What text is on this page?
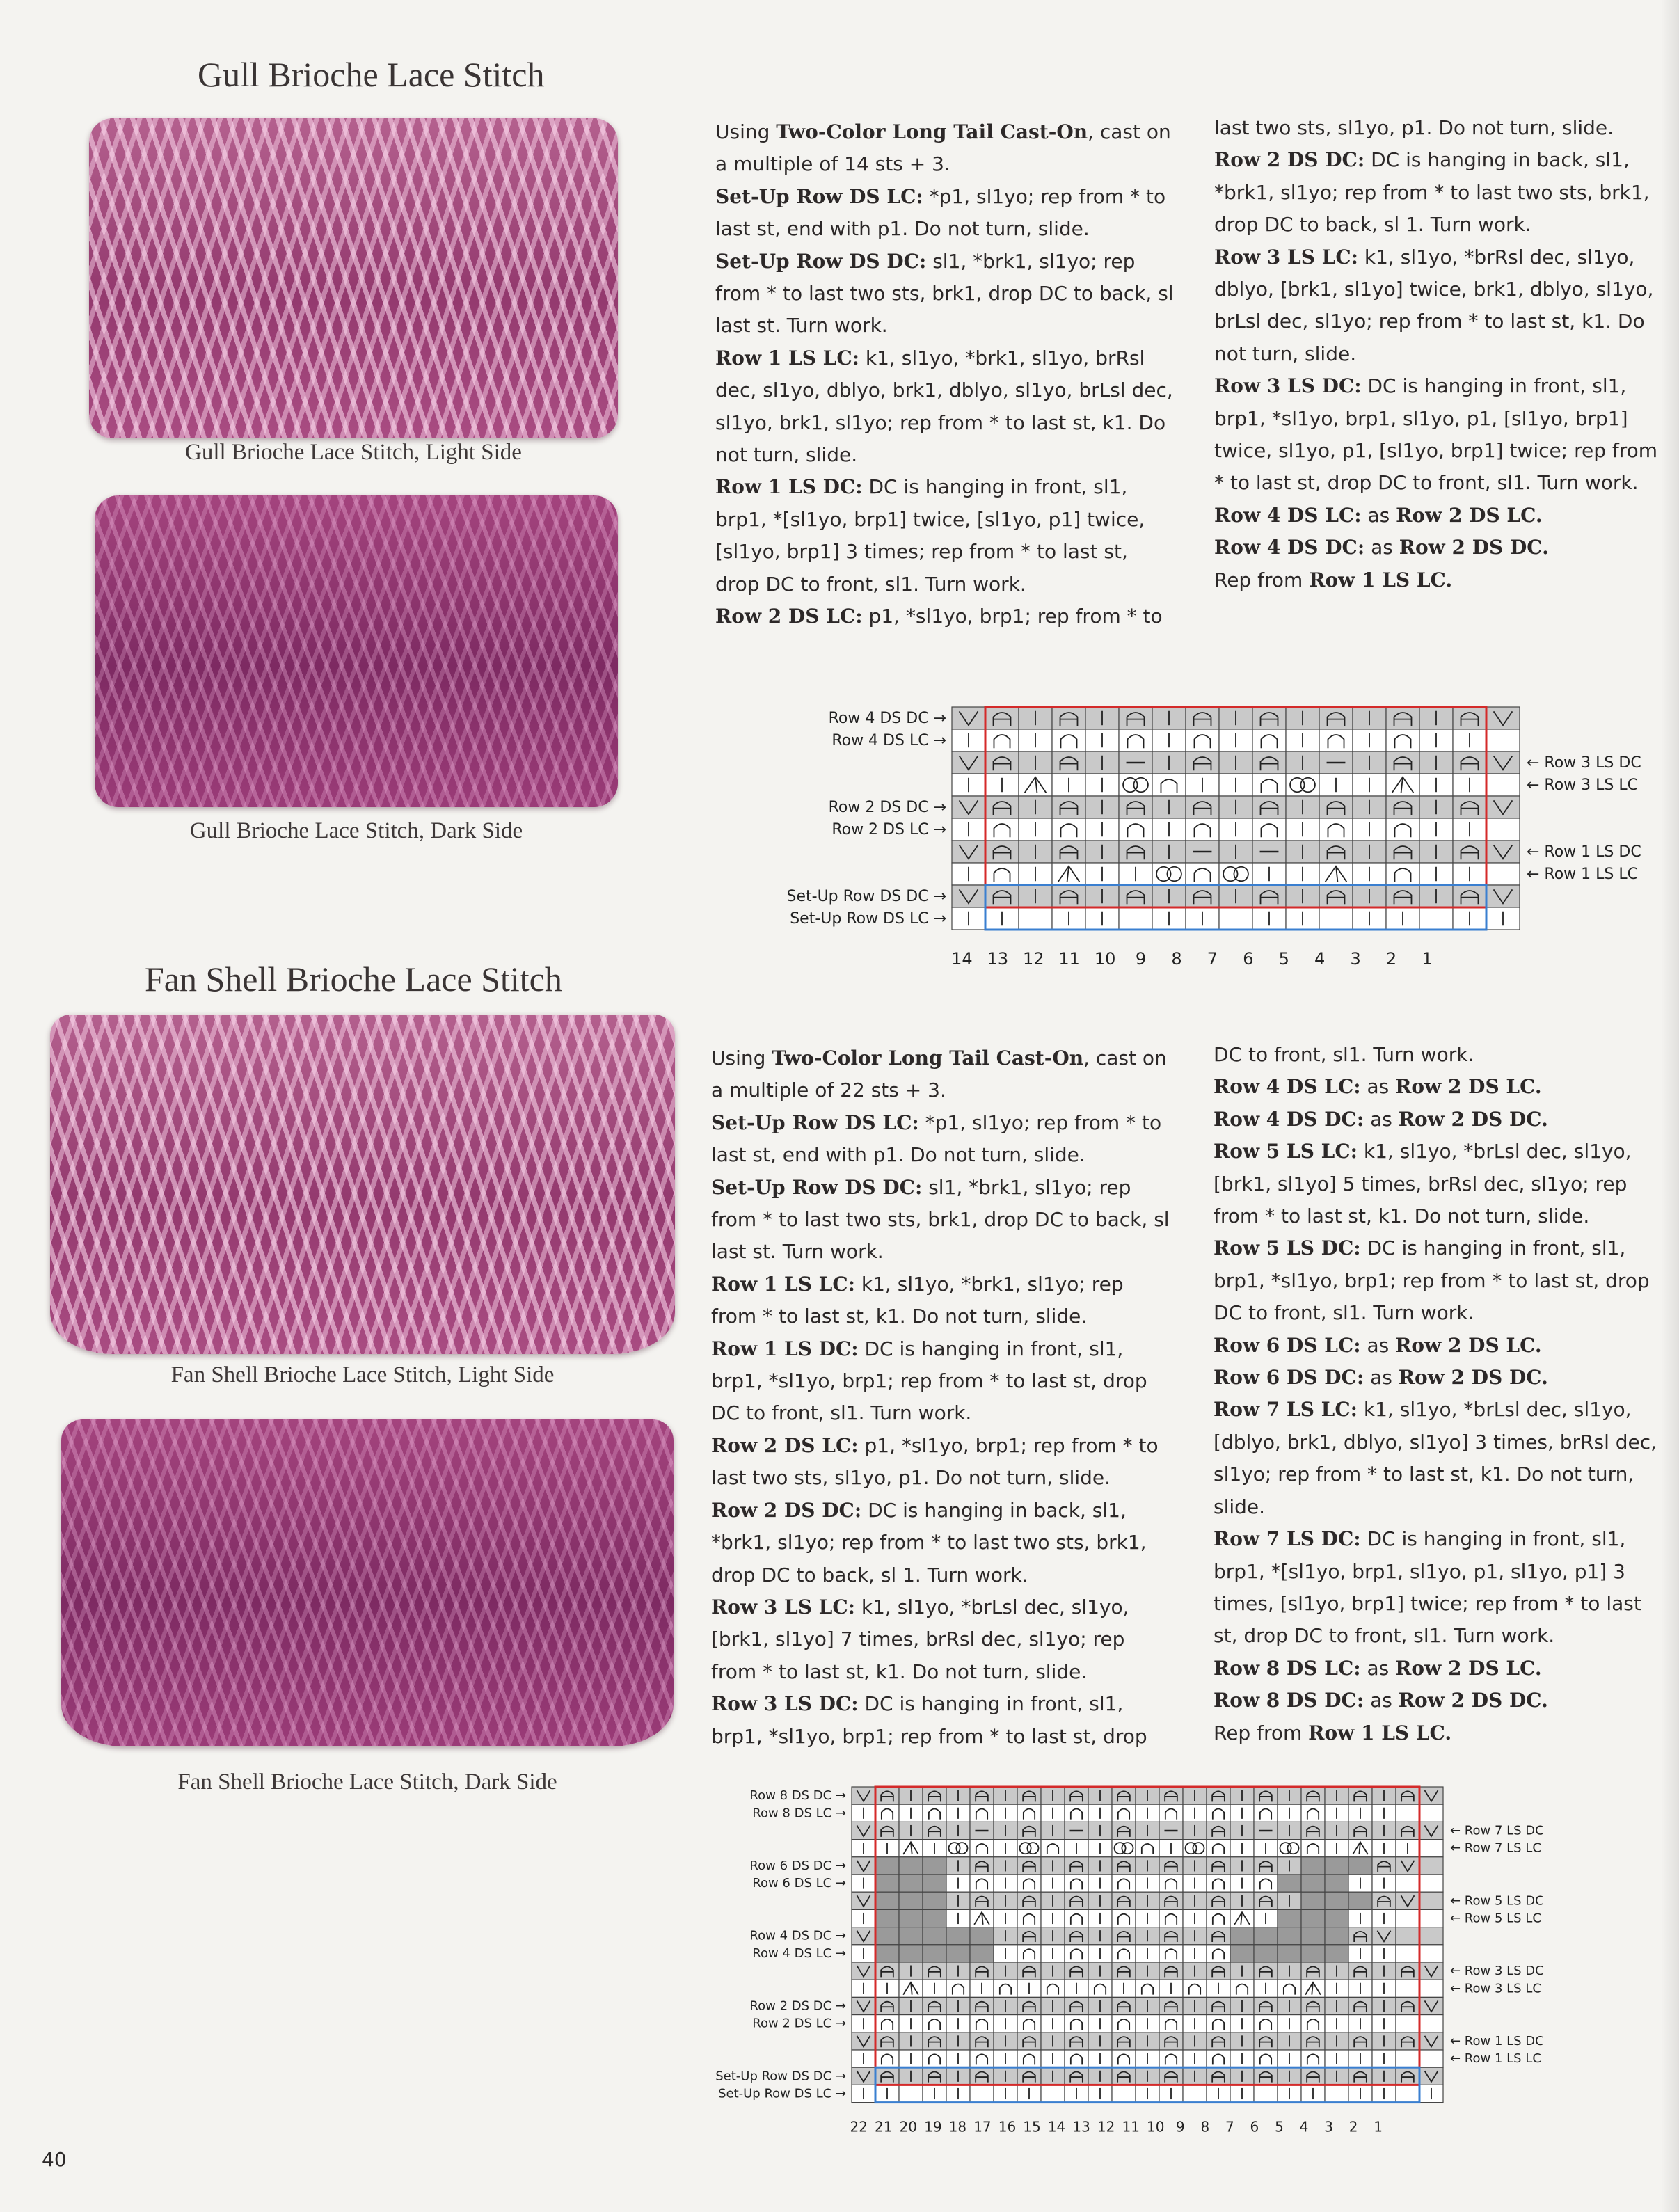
Gull Brioche Lace Stitch
Gull Brioche Lace Stitch, Light Side
Gull Brioche Lace Stitch, Dark Side

Using Two-Color Long Tail Cast-On, cast on a multiple of 14 sts + 3.

Set-Up Row DS LC: *p1, sl1yo; rep from * to last st, end with p1. Do not turn, slide.

Set-Up Row DS DC: sl1, *brk1, sl1yo; rep from * to last two sts, brk1, drop DC to back, sl last st. Turn work.

Row 1 LS LC: k1, sl1yo, *brk1, sl1yo, brRsl dec, sl1yo, dblyo, brk1, dblyo, sl1yo, brLsl dec, sl1yo, brk1, sl1yo; rep from * to last st, k1. Do not turn, slide.

Row 1 LS DC: DC is hanging in front, sl1, brp1, *[sl1yo, brp1] twice, [sl1yo, p1] twice, [sl1yo, brp1] 3 times; rep from * to last st, drop DC to front, sl1. Turn work.

Row 2 DS LC: p1, *sl1yo, brp1; rep from * to

last two sts, sl1yo, p1. Do not turn, slide.

Row 2 DS DC: DC is hanging in back, sl1, *brk1, sl1yo; rep from * to last two sts, brk1, drop DC to back, sl 1. Turn work.

Row 3 LS LC: k1, sl1yo, *brRsl dec, sl1yo, dblyo, [brk1, sl1yo] twice, brk1, dblyo, sl1yo, brLsl dec, sl1yo; rep from * to last st, k1. Do not turn, slide.

Row 3 LS DC: DC is hanging in front, sl1, brp1, *sl1yo, brp1, sl1yo, p1, [sl1yo, brp1] twice, sl1yo, p1, [sl1yo, brp1] twice; rep from * to last st, drop DC to front, sl1. Turn work.

Row 4 DS LC: as Row 2 DS LC.

Row 4 DS DC: as Row 2 DS DC.

Rep from Row 1 LS LC.

Row 4 DS DC →
Row 4 DS LC →
Row 2 DS DC →
Row 2 DS LC →
Set-Up Row DS DC →
Set-Up Row DS LC →
← Row 3 LS DC
← Row 3 LS LC
← Row 1 LS DC
← Row 1 LS LC
14 13 12 11 10 9 8 7 6 5 4 3 2 1
Fan Shell Brioche Lace Stitch
Fan Shell Brioche Lace Stitch, Light Side
Fan Shell Brioche Lace Stitch, Dark Side

Using Two-Color Long Tail Cast-On, cast on a multiple of 22 sts + 3.

Set-Up Row DS LC: *p1, sl1yo; rep from * to last st, end with p1. Do not turn, slide.

Set-Up Row DS DC: sl1, *brk1, sl1yo; rep from * to last two sts, brk1, drop DC to back, sl last st. Turn work.

Row 1 LS LC: k1, sl1yo, *brk1, sl1yo; rep from * to last st, k1. Do not turn, slide.

Row 1 LS DC: DC is hanging in front, sl1, brp1, *sl1yo, brp1; rep from * to last st, drop DC to front, sl1. Turn work.

Row 2 DS LC: p1, *sl1yo, brp1; rep from * to last two sts, sl1yo, p1. Do not turn, slide.

Row 2 DS DC: DC is hanging in back, sl1, *brk1, sl1yo; rep from * to last two sts, brk1, drop DC to back, sl 1. Turn work.

Row 3 LS LC: k1, sl1yo, *brLsl dec, sl1yo, [brk1, sl1yo] 7 times, brRsl dec, sl1yo; rep from * to last st, k1. Do not turn, slide.

Row 3 LS DC: DC is hanging in front, sl1, brp1, *sl1yo, brp1; rep from * to last st, drop

DC to front, sl1. Turn work.

Row 4 DS LC: as Row 2 DS LC.

Row 4 DS DC: as Row 2 DS DC.

Row 5 LS LC: k1, sl1yo, *brLsl dec, sl1yo, [brk1, sl1yo] 5 times, brRsl dec, sl1yo; rep from * to last st, k1. Do not turn, slide.

Row 5 LS DC: DC is hanging in front, sl1, brp1, *sl1yo, brp1; rep from * to last st, drop DC to front, sl1. Turn work.

Row 6 DS LC: as Row 2 DS LC.

Row 6 DS DC: as Row 2 DS DC.

Row 7 LS LC: k1, sl1yo, *brLsl dec, sl1yo, [dblyo, brk1, dblyo, sl1yo] 3 times, brRsl dec, sl1yo; rep from * to last st, k1. Do not turn, slide.

Row 7 LS DC: DC is hanging in front, sl1, brp1, *[sl1yo, brp1, sl1yo, p1, sl1yo, p1] 3 times, [sl1yo, brp1] twice; rep from * to last st, drop DC to front, sl1. Turn work.

Row 8 DS LC: as Row 2 DS LC.

Row 8 DS DC: as Row 2 DS DC.

Rep from Row 1 LS LC.

Row 8 DS DC →
Row 8 DS LC →
Row 6 DS DC →
Row 6 DS LC →
Row 4 DS DC →
Row 4 DS LC →
Row 2 DS DC →
Row 2 DS LC →
Set-Up Row DS DC →
Set-Up Row DS LC →
← Row 7 LS DC
← Row 7 LS LC
← Row 5 LS DC
← Row 5 LS LC
← Row 3 LS DC
← Row 3 LS LC
← Row 1 LS DC
← Row 1 LS LC
22 21 20 19 18 17 16 15 14 13 12 11 10 9 8 7 6 5 4 3 2 1
40
